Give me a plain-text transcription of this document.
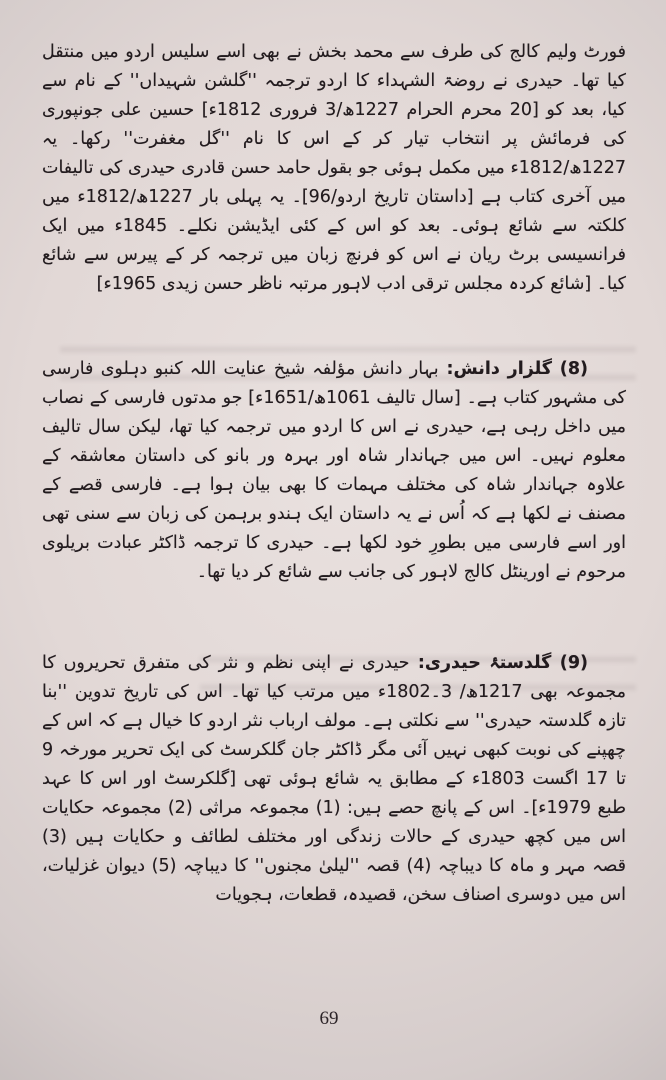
فورٹ ولیم کالج کی طرف سے محمد بخش نے بھی اسے سلیس اردو میں منتقل کیا تھا۔ حیدری نے روضۃ الشہداء کا اردو ترجمہ ''گلشن شہیداں'' کے نام سے کیا، بعد کو [20 محرم الحرام 1227ھ/3 فروری 1812ء] حسین علی جونپوری کی فرمائش پر انتخاب تیار کر کے اس کا نام ''گل مغفرت'' رکھا۔ یہ 1227ھ/1812ء میں مکمل ہوئی جو بقول حامد حسن قادری حیدری کی تالیفات میں آخری کتاب ہے [داستان تاریخ اردو/96]۔ یہ پہلی بار 1227ھ/1812ء میں کلکتہ سے شائع ہوئی۔ بعد کو اس کے کئی ایڈیشن نکلے۔ 1845ء میں ایک فرانسیسی برٹ ریان نے اس کو فرنچ زبان میں ترجمہ کر کے پیرس سے شائع کیا۔ [شائع کردہ مجلس ترقی ادب لاہور مرتبہ ناظر حسن زیدی 1965ء]

(8) گلزار دانش: بہار دانش مؤلفہ شیخ عنایت اللہ کنبو دہلوی فارسی کی مشہور کتاب ہے۔ [سال تالیف 1061ھ/1651ء] جو مدتوں فارسی کے نصاب میں داخل رہی ہے، حیدری نے اس کا اردو میں ترجمہ کیا تھا، لیکن سال تالیف معلوم نہیں۔ اس میں جہاندار شاہ اور بہرہ ور بانو کی داستان معاشقہ کے علاوہ جہاندار شاہ کی مختلف مہمات کا بھی بیان ہوا ہے۔ فارسی قصے کے مصنف نے لکھا ہے کہ اُس نے یہ داستان ایک ہندو برہمن کی زبان سے سنی تھی اور اسے فارسی میں بطورِ خود لکھا ہے۔ حیدری کا ترجمہ ڈاکٹر عبادت بریلوی مرحوم نے اورینٹل کالج لاہور کی جانب سے شائع کر دیا تھا۔

(9) گلدستۂ حیدری: حیدری نے اپنی نظم و نثر کی متفرق تحریروں کا مجموعہ بھی 1217ھ/ 3۔1802ء میں مرتب کیا تھا۔ اس کی تاریخ تدوین ''بنا تازہ گلدستہ حیدری'' سے نکلتی ہے۔ مولف ارباب نثر اردو کا خیال ہے کہ اس کے چھپنے کی نوبت کبھی نہیں آئی مگر ڈاکٹر جان گلکرسٹ کی ایک تحریر مورخہ 9 تا 17 اگست 1803ء کے مطابق یہ شائع ہوئی تھی [گلکرسٹ اور اس کا عہد طبع 1979ء]۔ اس کے پانچ حصے ہیں: (1) مجموعہ مراثی (2) مجموعہ حکایات اس میں کچھ حیدری کے حالات زندگی اور مختلف لطائف و حکایات ہیں (3) قصہ مہر و ماہ کا دیباچہ (4) قصہ ''لیلیٰ مجنوں'' کا دیباچہ (5) دیوان غزلیات، اس میں دوسری اصناف سخن، قصیدہ، قطعات، ہجویات

69
